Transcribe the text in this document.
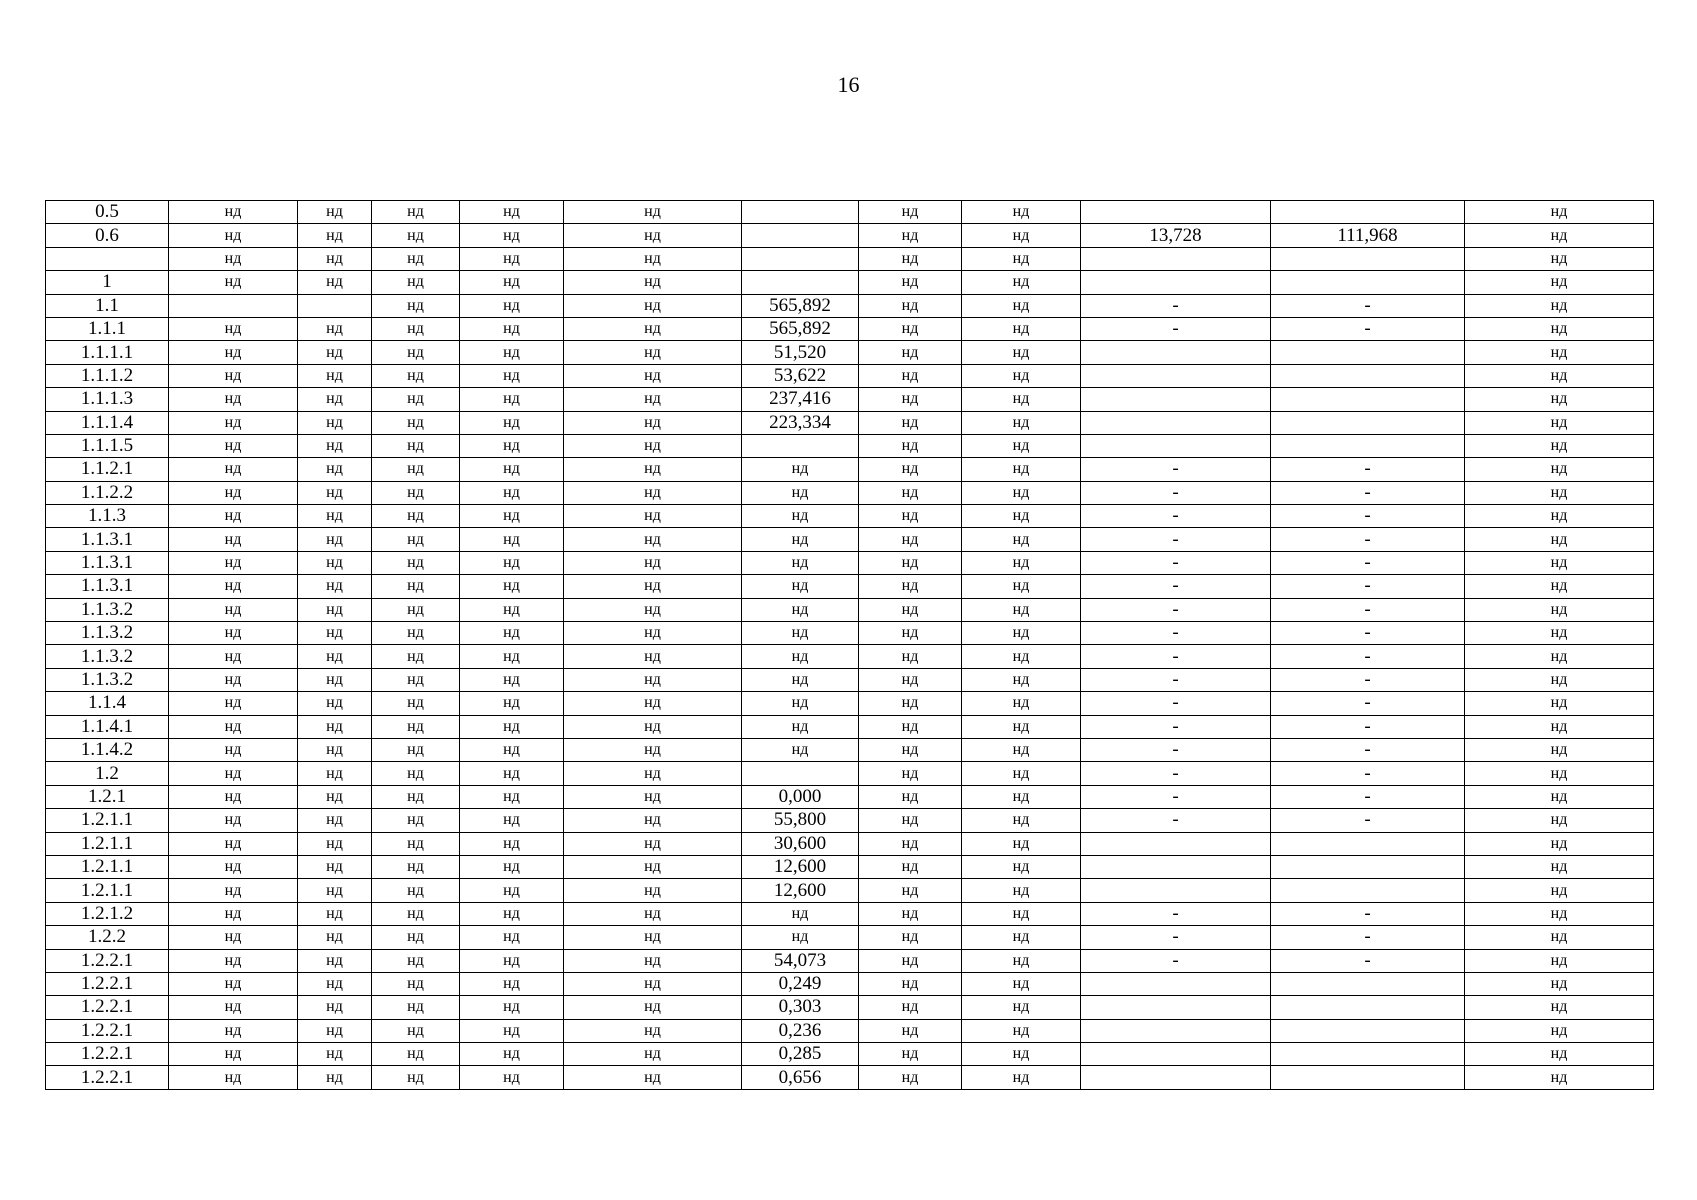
16
0.5	нд	нд	нд	нд	нд		нд	нд			нд
0.6	нд	нд	нд	нд	нд		нд	нд	13,728	111,968	нд
	нд	нд	нд	нд	нд		нд	нд			нд
1	нд	нд	нд	нд	нд		нд	нд			нд
1.1			нд	нд	нд	565,892	нд	нд	-	-	нд
1.1.1	нд	нд	нд	нд	нд	565,892	нд	нд	-	-	нд
1.1.1.1	нд	нд	нд	нд	нд	51,520	нд	нд			нд
1.1.1.2	нд	нд	нд	нд	нд	53,622	нд	нд			нд
1.1.1.3	нд	нд	нд	нд	нд	237,416	нд	нд			нд
1.1.1.4	нд	нд	нд	нд	нд	223,334	нд	нд			нд
1.1.1.5	нд	нд	нд	нд	нд		нд	нд			нд
1.1.2.1	нд	нд	нд	нд	нд	нд	нд	нд	-	-	нд
1.1.2.2	нд	нд	нд	нд	нд	нд	нд	нд	-	-	нд
1.1.3	нд	нд	нд	нд	нд	нд	нд	нд	-	-	нд
1.1.3.1	нд	нд	нд	нд	нд	нд	нд	нд	-	-	нд
1.1.3.1	нд	нд	нд	нд	нд	нд	нд	нд	-	-	нд
1.1.3.1	нд	нд	нд	нд	нд	нд	нд	нд	-	-	нд
1.1.3.2	нд	нд	нд	нд	нд	нд	нд	нд	-	-	нд
1.1.3.2	нд	нд	нд	нд	нд	нд	нд	нд	-	-	нд
1.1.3.2	нд	нд	нд	нд	нд	нд	нд	нд	-	-	нд
1.1.3.2	нд	нд	нд	нд	нд	нд	нд	нд	-	-	нд
1.1.4	нд	нд	нд	нд	нд	нд	нд	нд	-	-	нд
1.1.4.1	нд	нд	нд	нд	нд	нд	нд	нд	-	-	нд
1.1.4.2	нд	нд	нд	нд	нд	нд	нд	нд	-	-	нд
1.2	нд	нд	нд	нд	нд		нд	нд	-	-	нд
1.2.1	нд	нд	нд	нд	нд	0,000	нд	нд	-	-	нд
1.2.1.1	нд	нд	нд	нд	нд	55,800	нд	нд	-	-	нд
1.2.1.1	нд	нд	нд	нд	нд	30,600	нд	нд			нд
1.2.1.1	нд	нд	нд	нд	нд	12,600	нд	нд			нд
1.2.1.1	нд	нд	нд	нд	нд	12,600	нд	нд			нд
1.2.1.2	нд	нд	нд	нд	нд	нд	нд	нд	-	-	нд
1.2.2	нд	нд	нд	нд	нд	нд	нд	нд	-	-	нд
1.2.2.1	нд	нд	нд	нд	нд	54,073	нд	нд	-	-	нд
1.2.2.1	нд	нд	нд	нд	нд	0,249	нд	нд			нд
1.2.2.1	нд	нд	нд	нд	нд	0,303	нд	нд			нд
1.2.2.1	нд	нд	нд	нд	нд	0,236	нд	нд			нд
1.2.2.1	нд	нд	нд	нд	нд	0,285	нд	нд			нд
1.2.2.1	нд	нд	нд	нд	нд	0,656	нд	нд			нд
